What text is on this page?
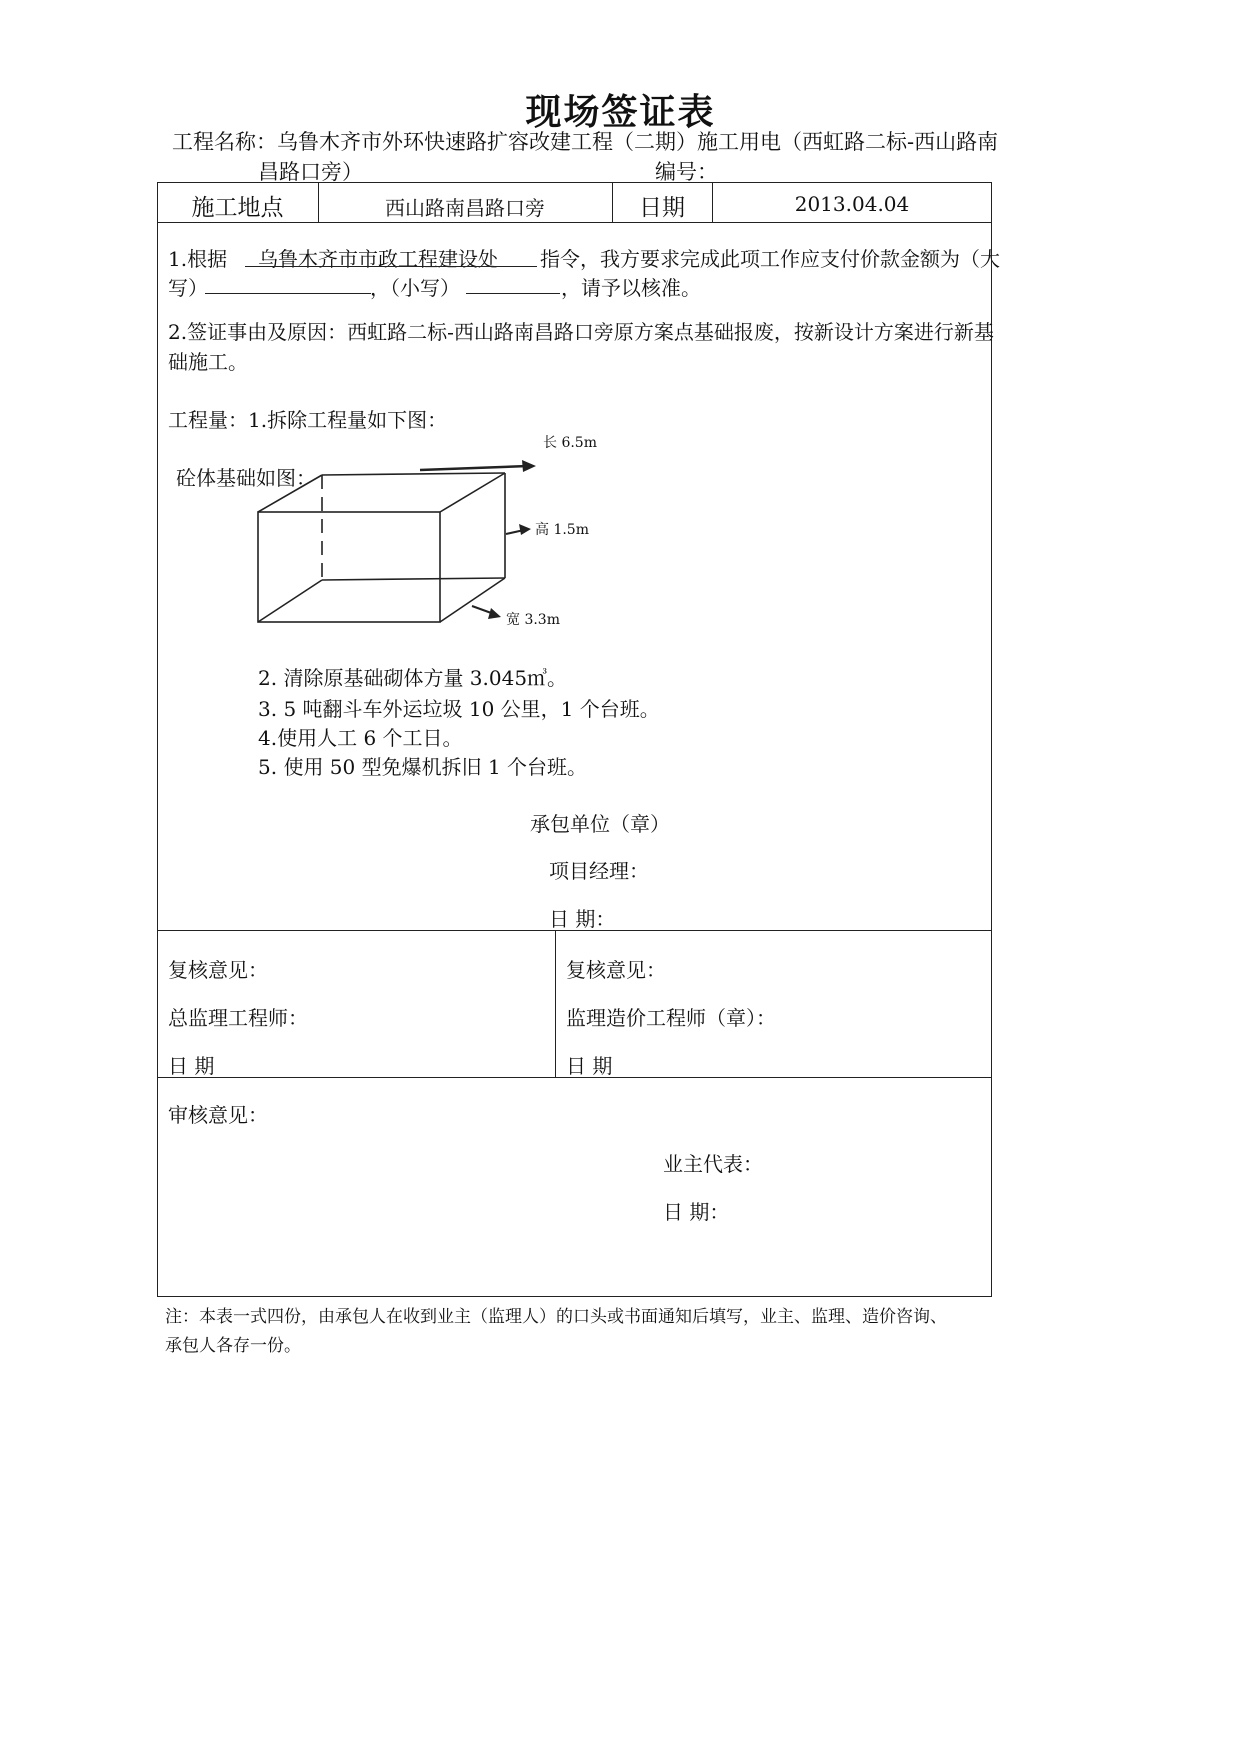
现场签证表
工程名称：乌鲁木齐市外环快速路扩容改建工程（二期）施工用电（西虹路二标-西山路南
昌路口旁）	编号：
施工地点	西山路南昌路口旁	日期	2013.04.04
1.根据 乌鲁木齐市市政工程建设处 指令，我方要求完成此项工作应支付价款金额为（大
写）	，（小写）	，请予以核准。
2.签证事由及原因：西虹路二标-西山路南昌路口旁原方案点基础报废，按新设计方案进行新基
础施工。
工程量：1.拆除工程量如下图：
长 6.5m
砼体基础如图：
高 1.5m
宽 3.3m
2. 清除原基础砌体方量 3.045㎥。
3. 5 吨翻斗车外运垃圾 10 公里，1 个台班。
4.使用人工 6 个工日。
5. 使用 50 型免爆机拆旧 1 个台班。
承包单位（章）
项目经理：
日 期：
复核意见：
总监理工程师：
日 期
复核意见：
监理造价工程师（章）：
日 期
审核意见：
业主代表：
日 期：
注：本表一式四份，由承包人在收到业主（监理人）的口头或书面通知后填写，业主、监理、造价咨询、
承包人各存一份。
